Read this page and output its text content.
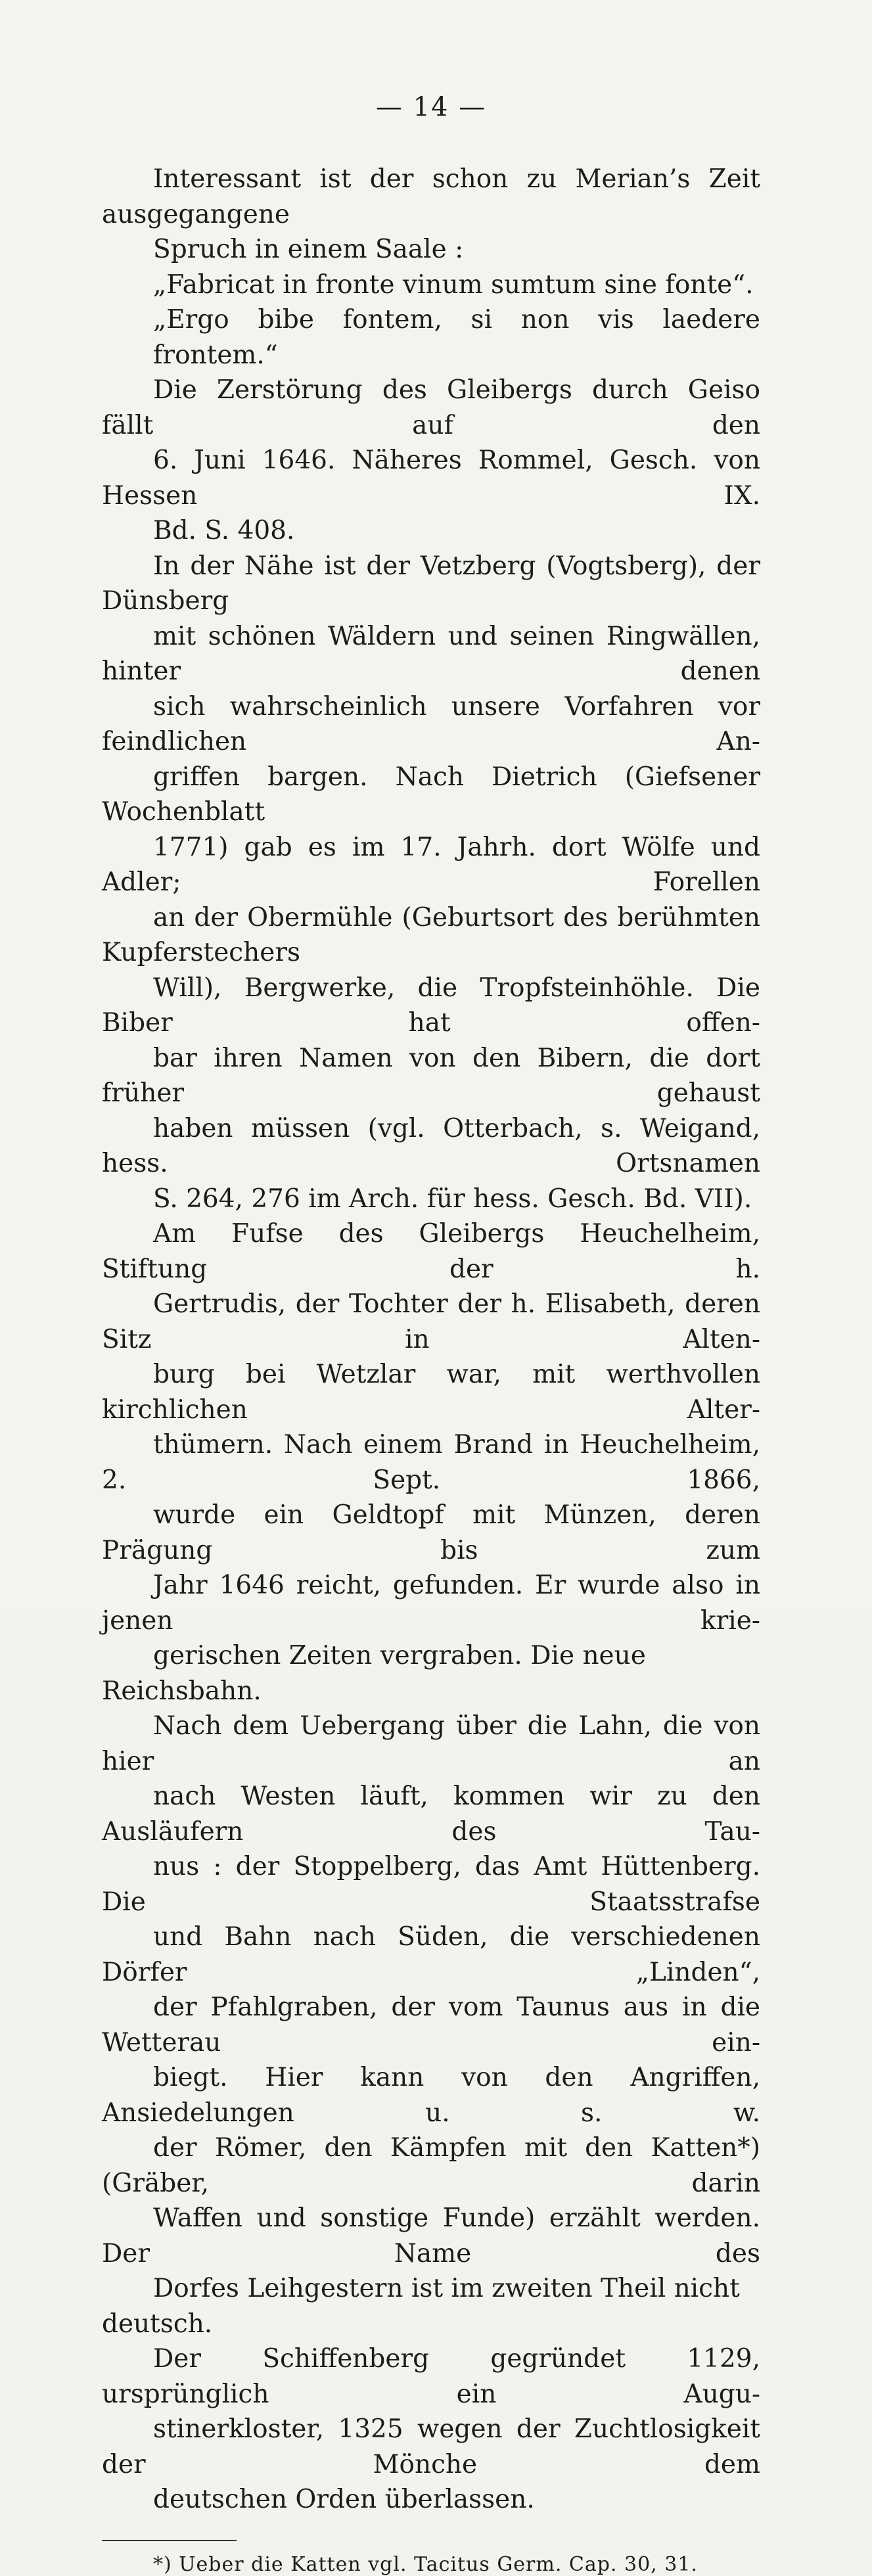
— 14 —

Interessant ist der schon zu Merian’s Zeit ausgegangene
Spruch in einem Saale :

„Fabricat in fronte vinum sumtum sine fonte“.
„Ergo bibe fontem, si non vis laedere frontem.“

Die Zerstörung des Gleibergs durch Geiso fällt auf den
6. Juni 1646. Näheres Rommel, Gesch. von Hessen IX.
Bd. S. 408.

In der Nähe ist der Vetzberg (Vogtsberg), der Dünsberg
mit schönen Wäldern und seinen Ringwällen, hinter denen
sich wahrscheinlich unsere Vorfahren vor feindlichen An-
griffen bargen. Nach Dietrich (Giefsener Wochenblatt
1771) gab es im 17. Jahrh. dort Wölfe und Adler; Forellen
an der Obermühle (Geburtsort des berühmten Kupferstechers
Will), Bergwerke, die Tropfsteinhöhle. Die Biber hat offen-
bar ihren Namen von den Bibern, die dort früher gehaust
haben müssen (vgl. Otterbach, s. Weigand, hess. Ortsnamen
S. 264, 276 im Arch. für hess. Gesch. Bd. VII).

Am Fufse des Gleibergs Heuchelheim, Stiftung der h.
Gertrudis, der Tochter der h. Elisabeth, deren Sitz in Alten-
burg bei Wetzlar war, mit werthvollen kirchlichen Alter-
thümern. Nach einem Brand in Heuchelheim, 2. Sept. 1866,
wurde ein Geldtopf mit Münzen, deren Prägung bis zum
Jahr 1646 reicht, gefunden. Er wurde also in jenen krie-
gerischen Zeiten vergraben. Die neue Reichsbahn.

Nach dem Uebergang über die Lahn, die von hier an
nach Westen läuft, kommen wir zu den Ausläufern des Tau-
nus : der Stoppelberg, das Amt Hüttenberg. Die Staatsstrafse
und Bahn nach Süden, die verschiedenen Dörfer „Linden“,
der Pfahlgraben, der vom Taunus aus in die Wetterau ein-
biegt. Hier kann von den Angriffen, Ansiedelungen u. s. w.
der Römer, den Kämpfen mit den Katten*) (Gräber, darin
Waffen und sonstige Funde) erzählt werden. Der Name des
Dorfes Leihgestern ist im zweiten Theil nicht deutsch.

Der Schiffenberg gegründet 1129, ursprünglich ein Augu-
stinerkloster, 1325 wegen der Zuchtlosigkeit der Mönche dem
deutschen Orden überlassen.

*) Ueber die Katten vgl. Tacitus Germ. Cap. 30, 31.
